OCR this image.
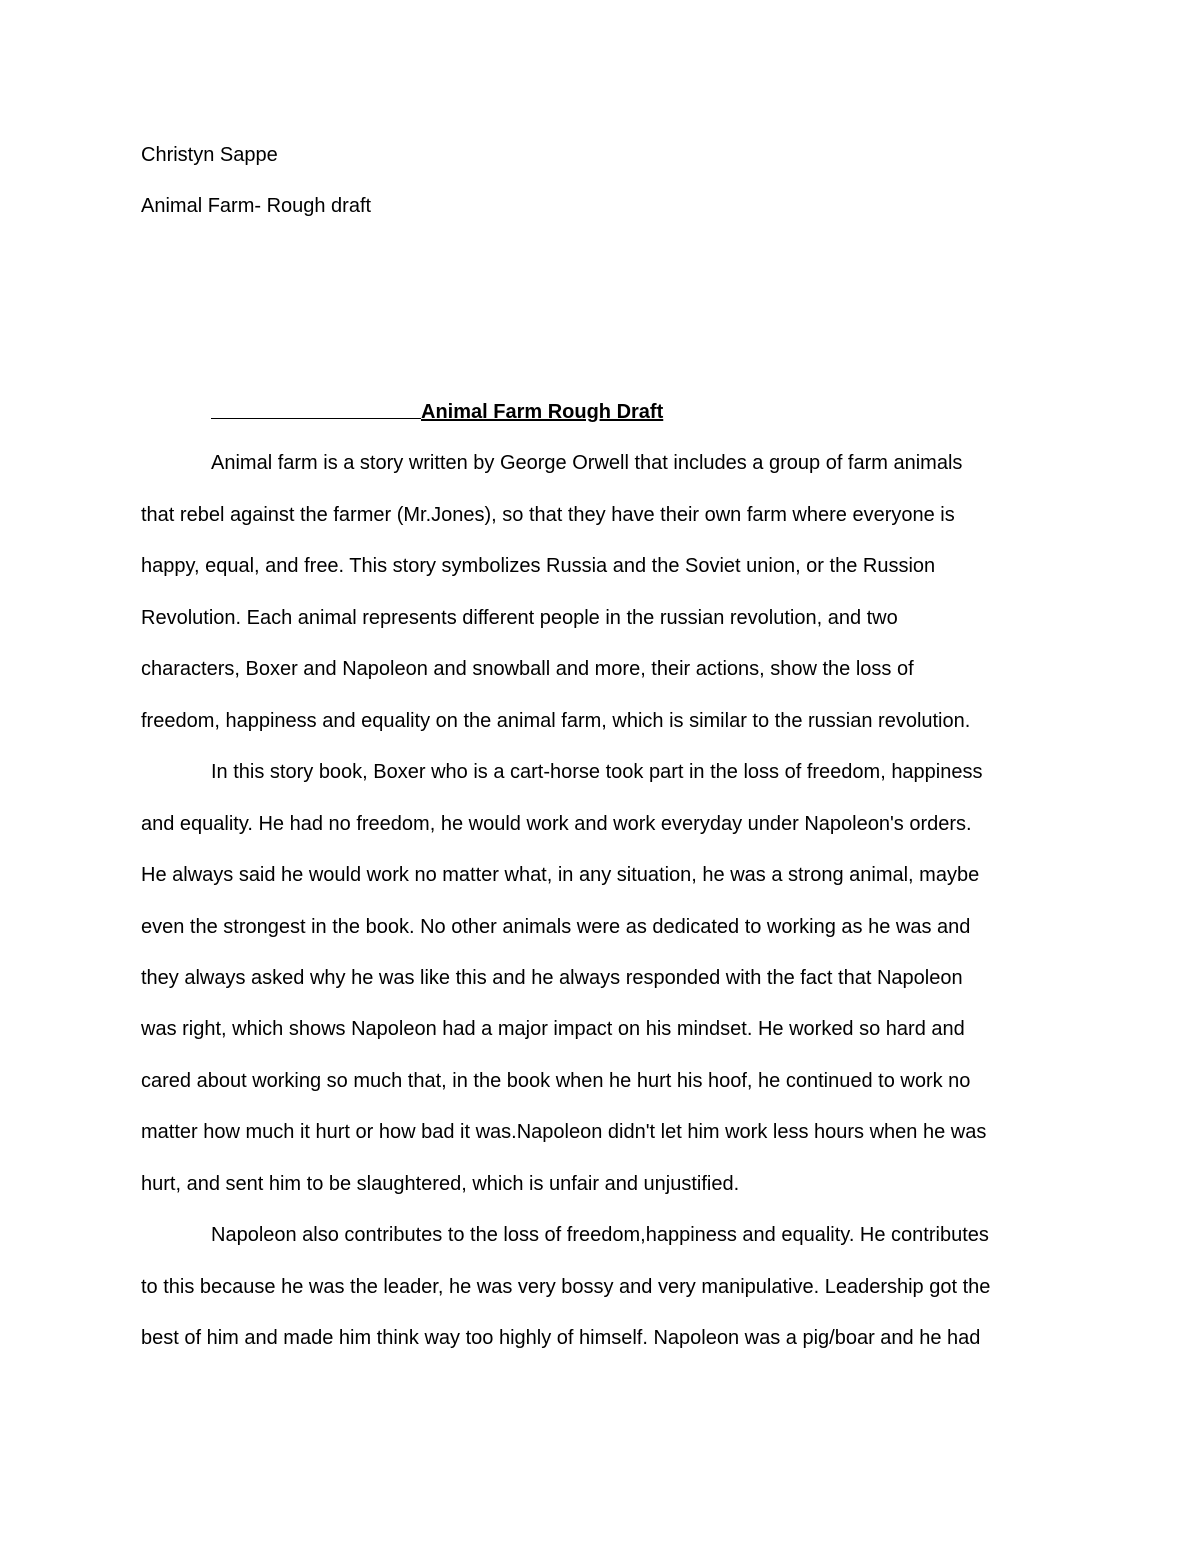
Christyn Sappe
Animal Farm- Rough draft
Animal Farm Rough Draft
Animal farm is a story written by George Orwell that includes a group of farm animals
that rebel against the farmer (Mr.Jones), so that they have their own farm where everyone is
happy, equal, and free. This story symbolizes Russia and the Soviet union, or the Russion
Revolution. Each animal represents different people in the russian revolution, and two
characters, Boxer and Napoleon and snowball and more, their actions, show the loss of
freedom, happiness and equality on the animal farm, which is similar to the russian revolution.
In this story book, Boxer who is a cart-horse took part in the loss of freedom, happiness
and equality. He had no freedom, he would work and work everyday under Napoleon's orders.
He always said he would work no matter what, in any situation, he was a strong animal, maybe
even the strongest in the book. No other animals were as dedicated to working as he was and
they always asked why he was like this and he always responded with the fact that Napoleon
was right, which shows Napoleon had a major impact on his mindset. He worked so hard and
cared about working so much that, in the book when he hurt his hoof, he continued to work no
matter how much it hurt or how bad it was.Napoleon didn't let him work less hours when he was
hurt, and sent him to be slaughtered, which is unfair and unjustified.
Napoleon also contributes to the loss of freedom,happiness and equality. He contributes
to this because he was the leader, he was very bossy and very manipulative. Leadership got the
best of him and made him think way too highly of himself. Napoleon was a pig/boar and he had
